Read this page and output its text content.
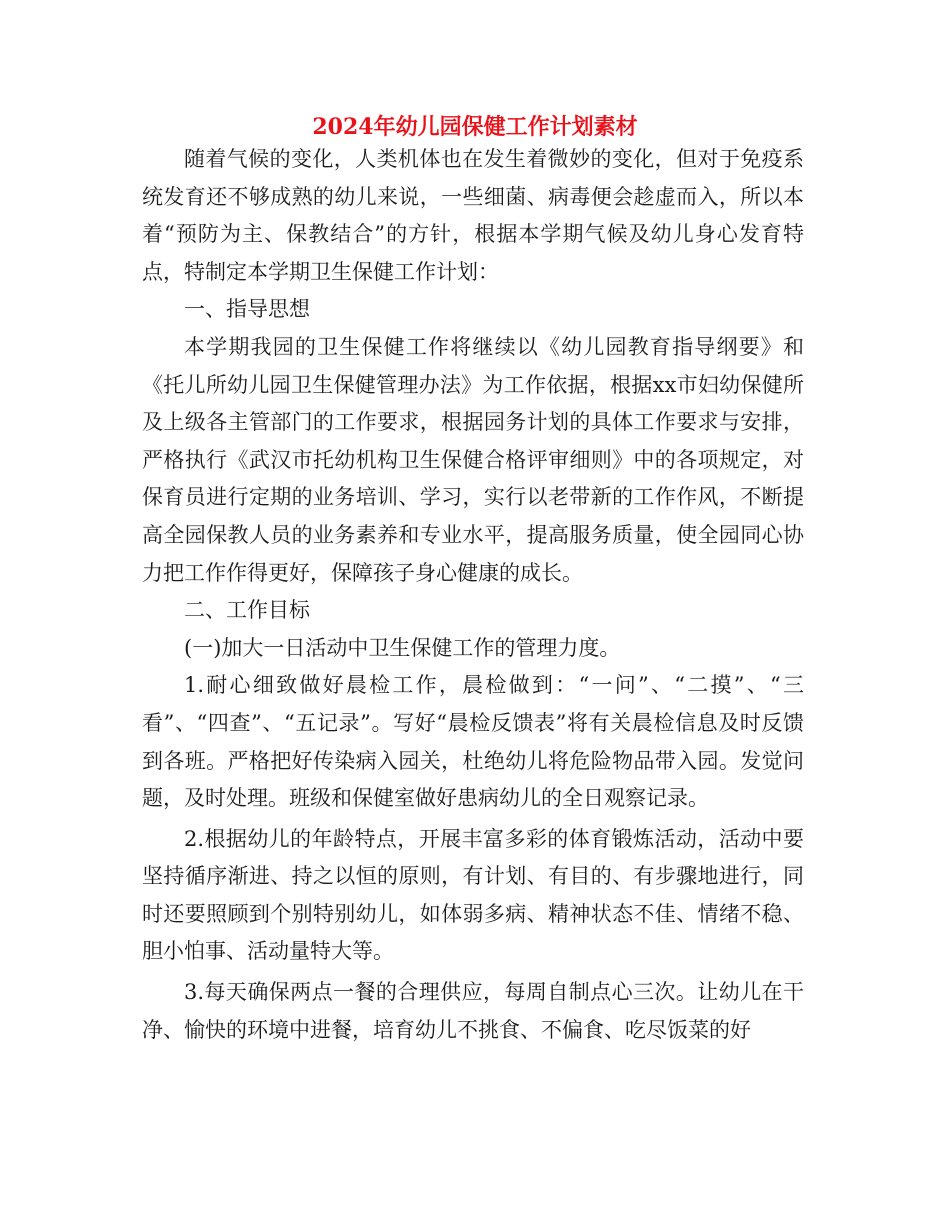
2024年幼儿园保健工作计划素材

随着气候的变化，人类机体也在发生着微妙的变化，但对于免疫系统发育还不够成熟的幼儿来说，一些细菌、病毒便会趁虚而入，所以本着“预防为主、保教结合”的方针，根据本学期气候及幼儿身心发育特点，特制定本学期卫生保健工作计划：

一、指导思想

本学期我园的卫生保健工作将继续以《幼儿园教育指导纲要》和《托儿所幼儿园卫生保健管理办法》为工作依据，根据xx市妇幼保健所及上级各主管部门的工作要求，根据园务计划的具体工作要求与安排，严格执行《武汉市托幼机构卫生保健合格评审细则》中的各项规定，对保育员进行定期的业务培训、学习，实行以老带新的工作作风，不断提高全园保教人员的业务素养和专业水平，提高服务质量，使全园同心协力把工作作得更好，保障孩子身心健康的成长。

二、工作目标

(一)加大一日活动中卫生保健工作的管理力度。

1.耐心细致做好晨检工作，晨检做到：“一问”、“二摸”、“三看”、“四查”、“五记录”。写好“晨检反馈表”将有关晨检信息及时反馈到各班。严格把好传染病入园关，杜绝幼儿将危险物品带入园。发觉问题，及时处理。班级和保健室做好患病幼儿的全日观察记录。

2.根据幼儿的年龄特点，开展丰富多彩的体育锻炼活动，活动中要坚持循序渐进、持之以恒的原则，有计划、有目的、有步骤地进行，同时还要照顾到个别特别幼儿，如体弱多病、精神状态不佳、情绪不稳、胆小怕事、活动量特大等。

3.每天确保两点一餐的合理供应，每周自制点心三次。让幼儿在干净、愉快的环境中进餐，培育幼儿不挑食、不偏食、吃尽饭菜的好
